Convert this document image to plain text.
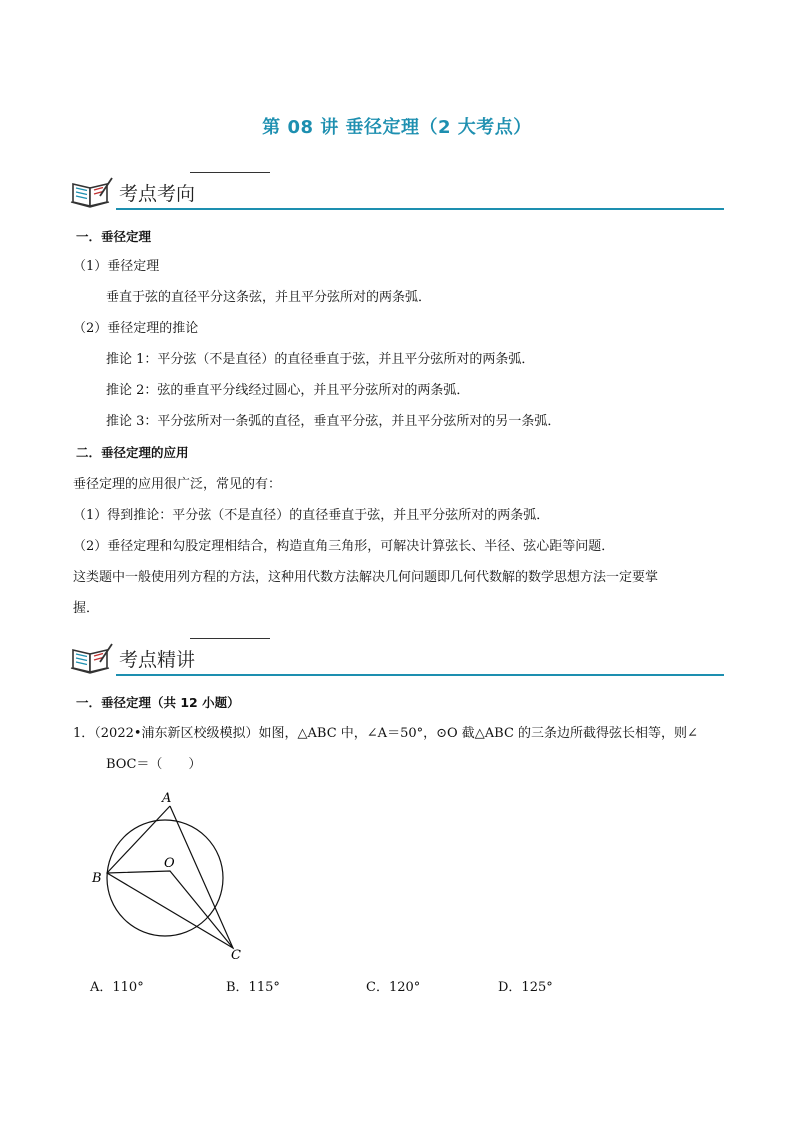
第 08 讲 垂径定理（2 大考点）
考点考向
一．垂径定理
（1）垂径定理
垂直于弦的直径平分这条弦，并且平分弦所对的两条弧．
（2）垂径定理的推论
推论 1：平分弦（不是直径）的直径垂直于弦，并且平分弦所对的两条弧．
推论 2：弦的垂直平分线经过圆心，并且平分弦所对的两条弧．
推论 3：平分弦所对一条弧的直径，垂直平分弦，并且平分弦所对的另一条弧．
二．垂径定理的应用
垂径定理的应用很广泛，常见的有：
（1）得到推论：平分弦（不是直径）的直径垂直于弦，并且平分弦所对的两条弧．
（2）垂径定理和勾股定理相结合，构造直角三角形，可解决计算弦长、半径、弦心距等问题．
这类题中一般使用列方程的方法，这种用代数方法解决几何问题即几何代数解的数学思想方法一定要掌
握．
考点精讲
一．垂径定理（共 12 小题）
1．（2022•浦东新区校级模拟）如图，△ABC 中，∠A＝50°，⊙O 截△ABC 的三条边所截得弦长相等，则∠
BOC＝（　　）
A
O
B
C
A．110°	B．115°	C．120°	D．125°
